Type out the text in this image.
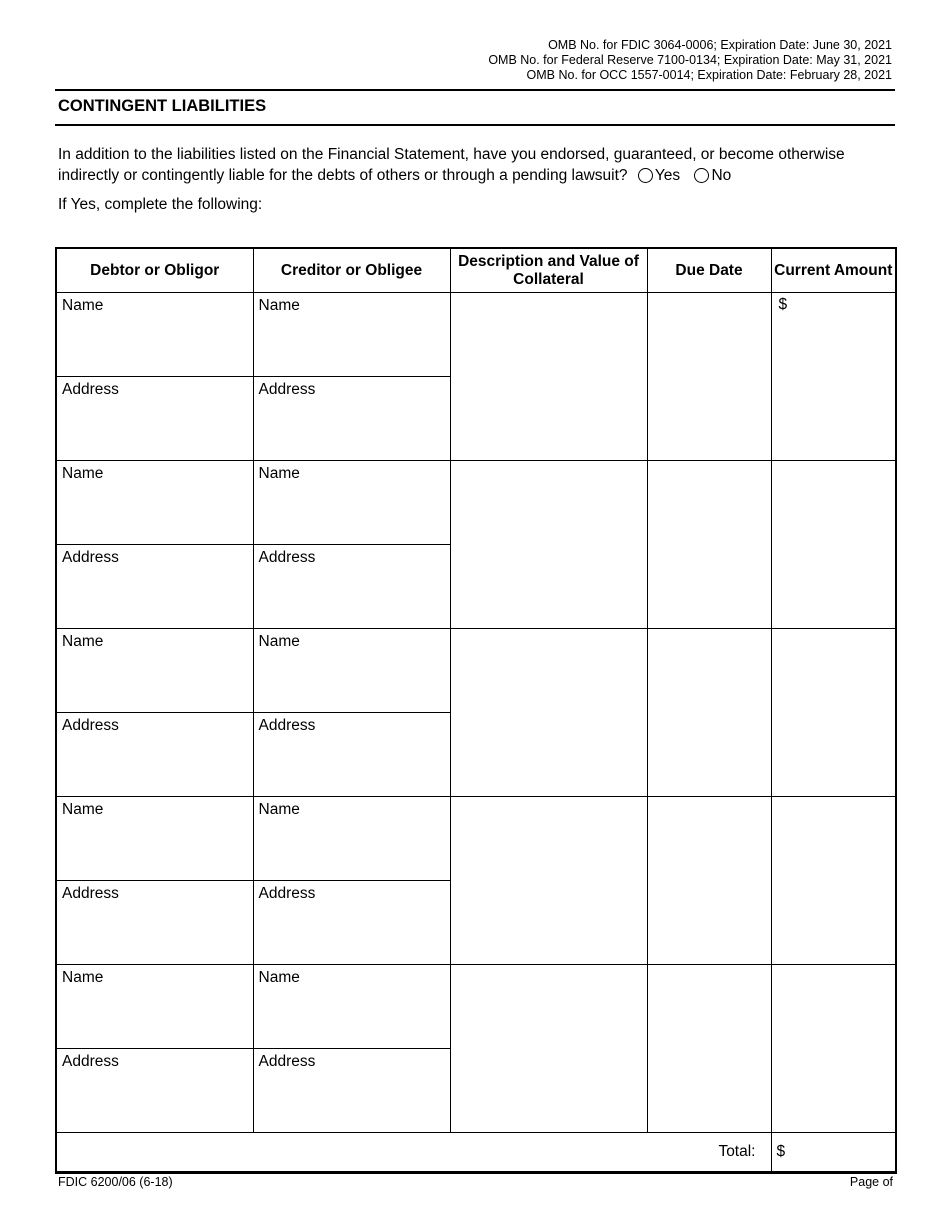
OMB No. for FDIC 3064-0006; Expiration Date: June 30, 2021
OMB No. for Federal Reserve 7100-0134; Expiration Date: May 31, 2021
OMB No. for OCC 1557-0014; Expiration Date: February 28, 2021
CONTINGENT LIABILITIES
In addition to the liabilities listed on the Financial Statement, have you endorsed, guaranteed, or become otherwise
indirectly or contingently liable for the debts of others or through a pending lawsuit? Yes No
If Yes, complete the following:
Debtor or Obligor	Creditor or Obligee	Description and Value of Collateral	Due Date	Current Amount

Name	Name			$

Address	Address			

Name	Name			

Address	Address			

Name	Name			

Address	Address			

Name	Name			

Address	Address			

Name	Name			

Address	Address			

Total:				$
FDIC 6200/06 (6-18)	Page of
